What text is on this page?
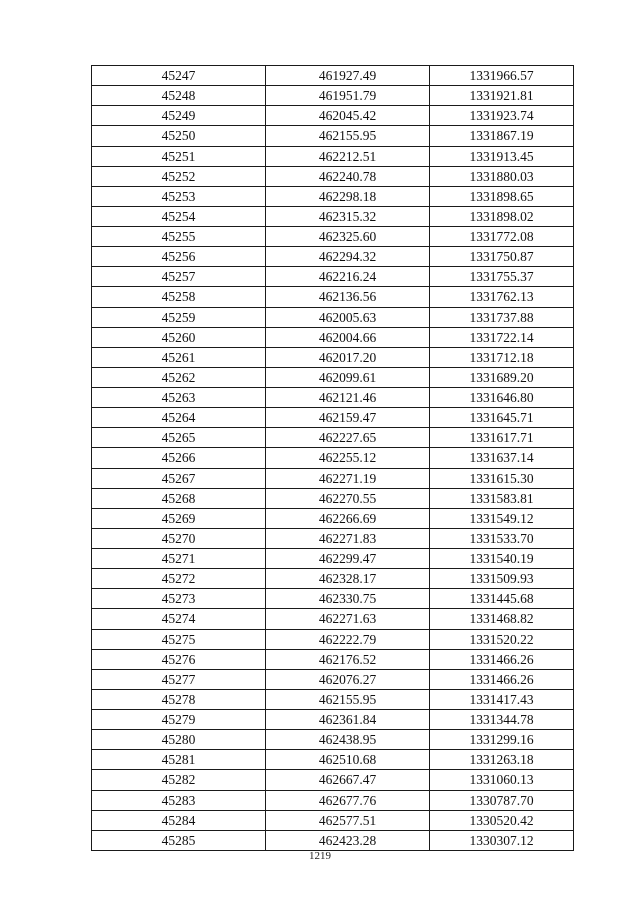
45247	461927.49	1331966.57
45248	461951.79	1331921.81
45249	462045.42	1331923.74
45250	462155.95	1331867.19
45251	462212.51	1331913.45
45252	462240.78	1331880.03
45253	462298.18	1331898.65
45254	462315.32	1331898.02
45255	462325.60	1331772.08
45256	462294.32	1331750.87
45257	462216.24	1331755.37
45258	462136.56	1331762.13
45259	462005.63	1331737.88
45260	462004.66	1331722.14
45261	462017.20	1331712.18
45262	462099.61	1331689.20
45263	462121.46	1331646.80
45264	462159.47	1331645.71
45265	462227.65	1331617.71
45266	462255.12	1331637.14
45267	462271.19	1331615.30
45268	462270.55	1331583.81
45269	462266.69	1331549.12
45270	462271.83	1331533.70
45271	462299.47	1331540.19
45272	462328.17	1331509.93
45273	462330.75	1331445.68
45274	462271.63	1331468.82
45275	462222.79	1331520.22
45276	462176.52	1331466.26
45277	462076.27	1331466.26
45278	462155.95	1331417.43
45279	462361.84	1331344.78
45280	462438.95	1331299.16
45281	462510.68	1331263.18
45282	462667.47	1331060.13
45283	462677.76	1330787.70
45284	462577.51	1330520.42
45285	462423.28	1330307.12
1219
